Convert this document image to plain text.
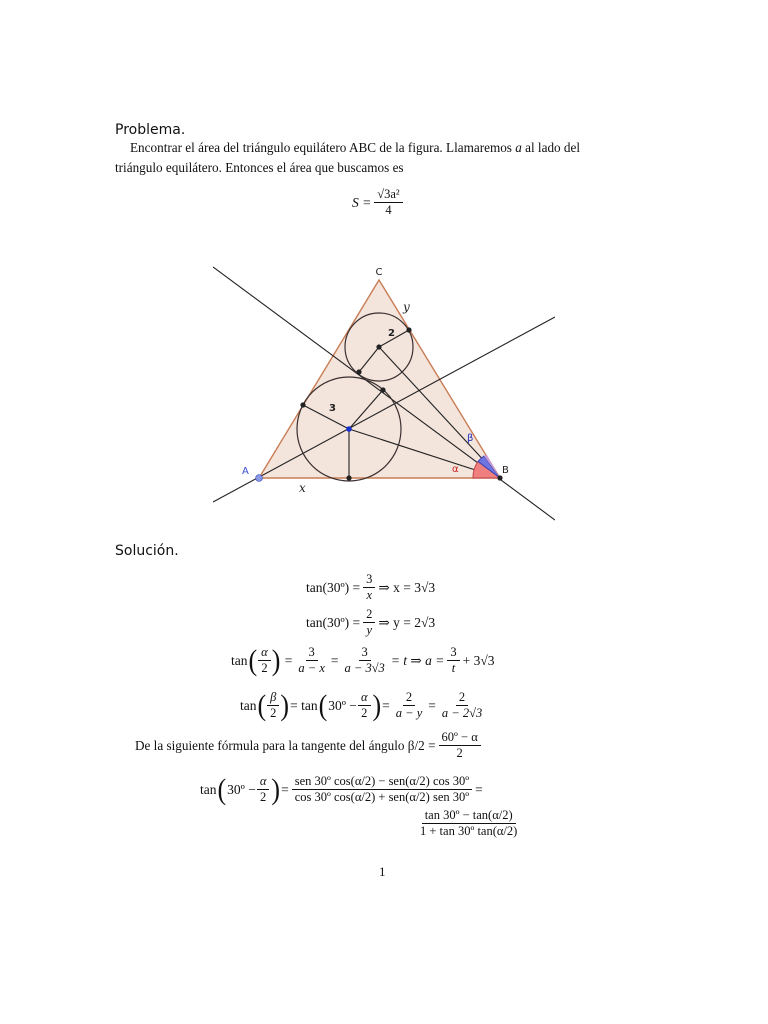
Problema.
Encontrar el área del triángulo equilátero ABC de la figura. Llamaremos a al lado del
triángulo equilátero. Entonces el área que buscamos es
$S = \frac{\text{√3a²}}{4}$
C
A	B
y
x
2
3
α
β
Solución.
tan(30º) = $\frac{3}{x}$ ⇒ x = 3√3
tan(30º) = $\frac{2}{y}$ ⇒ y = 2√3
tan ( $\frac{\alpha}{2}$ ) = $\frac{3}{a - x} = \frac{3}{a - 3√3} = t$ ⇒ $a = \frac{3}{t} + 3√3$
tan ( $\frac{\beta}{2}$ ) = tan ( 30º − $\frac{\alpha}{2}$ ) = $\frac{2}{a - y} = \frac{2}{a - 2√3}$
De la siguiente fórmula para la tangente del ángulo $\beta/2 = \frac{\text{60º − α}}{2}$
tan ( 30º − $\frac{\alpha}{2}$ ) = $\frac{\text{sen 30º cos(α/2) − sen(α/2) cos 30º}}{\text{cos 30º cos(α/2) + sen(α/2) sen 30º}}$ =
$\frac{\text{tan 30º − tan(α/2)}}{\text{1 + tan 30º tan(α/2)}}$
1
